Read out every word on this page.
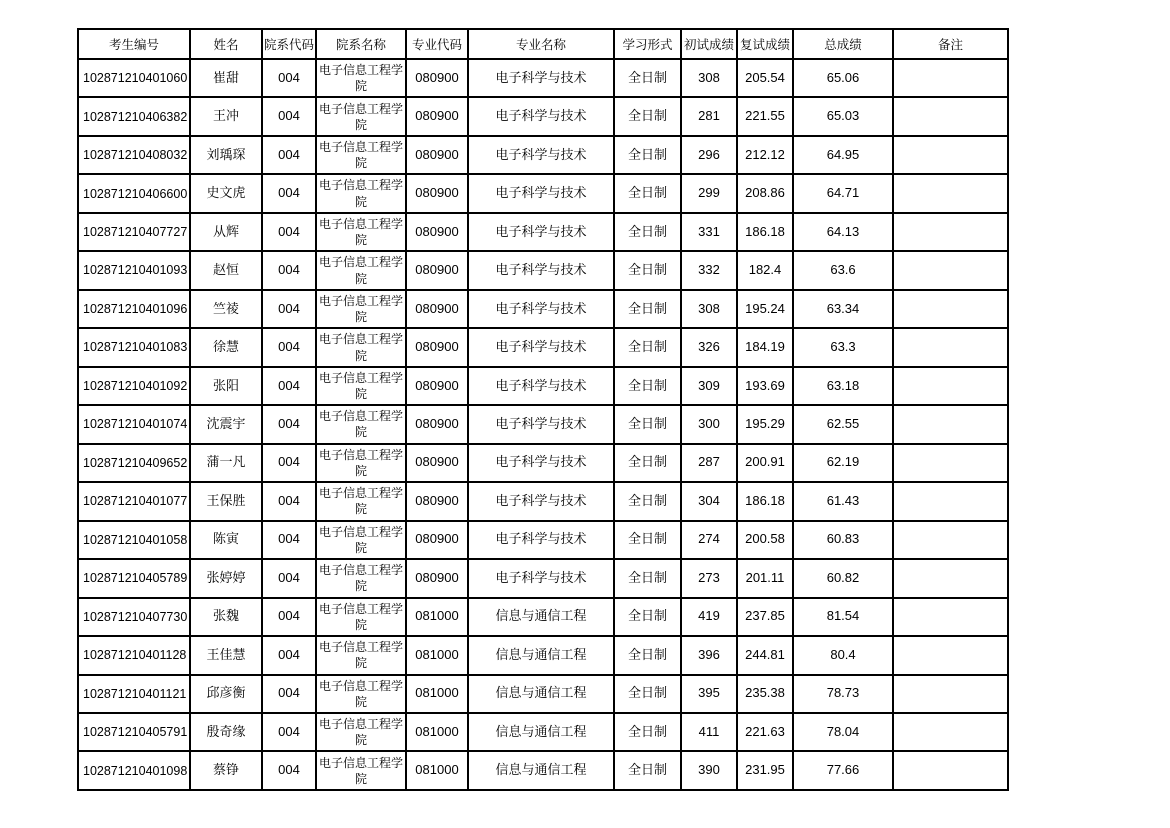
考生编号	姓名	院系代码	院系名称	专业代码	专业名称	学习形式	初试成绩	复试成绩	总成绩	备注
102871210401060	崔甜	004	电子信息工程学院	080900	电子科学与技术	全日制	308	205.54	65.06	
102871210406382	王冲	004	电子信息工程学院	080900	电子科学与技术	全日制	281	221.55	65.03	
102871210408032	刘瑀琛	004	电子信息工程学院	080900	电子科学与技术	全日制	296	212.12	64.95	
102871210406600	史文虎	004	电子信息工程学院	080900	电子科学与技术	全日制	299	208.86	64.71	
102871210407727	从辉	004	电子信息工程学院	080900	电子科学与技术	全日制	331	186.18	64.13	
102871210401093	赵恒	004	电子信息工程学院	080900	电子科学与技术	全日制	332	182.4	63.6	
102871210401096	竺祾	004	电子信息工程学院	080900	电子科学与技术	全日制	308	195.24	63.34	
102871210401083	徐慧	004	电子信息工程学院	080900	电子科学与技术	全日制	326	184.19	63.3	
102871210401092	张阳	004	电子信息工程学院	080900	电子科学与技术	全日制	309	193.69	63.18	
102871210401074	沈震宇	004	电子信息工程学院	080900	电子科学与技术	全日制	300	195.29	62.55	
102871210409652	蒲一凡	004	电子信息工程学院	080900	电子科学与技术	全日制	287	200.91	62.19	
102871210401077	王保胜	004	电子信息工程学院	080900	电子科学与技术	全日制	304	186.18	61.43	
102871210401058	陈寅	004	电子信息工程学院	080900	电子科学与技术	全日制	274	200.58	60.83	
102871210405789	张婷婷	004	电子信息工程学院	080900	电子科学与技术	全日制	273	201.11	60.82	
102871210407730	张魏	004	电子信息工程学院	081000	信息与通信工程	全日制	419	237.85	81.54	
102871210401128	王佳慧	004	电子信息工程学院	081000	信息与通信工程	全日制	396	244.81	80.4	
102871210401121	邱彦衡	004	电子信息工程学院	081000	信息与通信工程	全日制	395	235.38	78.73	
102871210405791	殷奇缘	004	电子信息工程学院	081000	信息与通信工程	全日制	411	221.63	78.04	
102871210401098	蔡铮	004	电子信息工程学院	081000	信息与通信工程	全日制	390	231.95	77.66	
